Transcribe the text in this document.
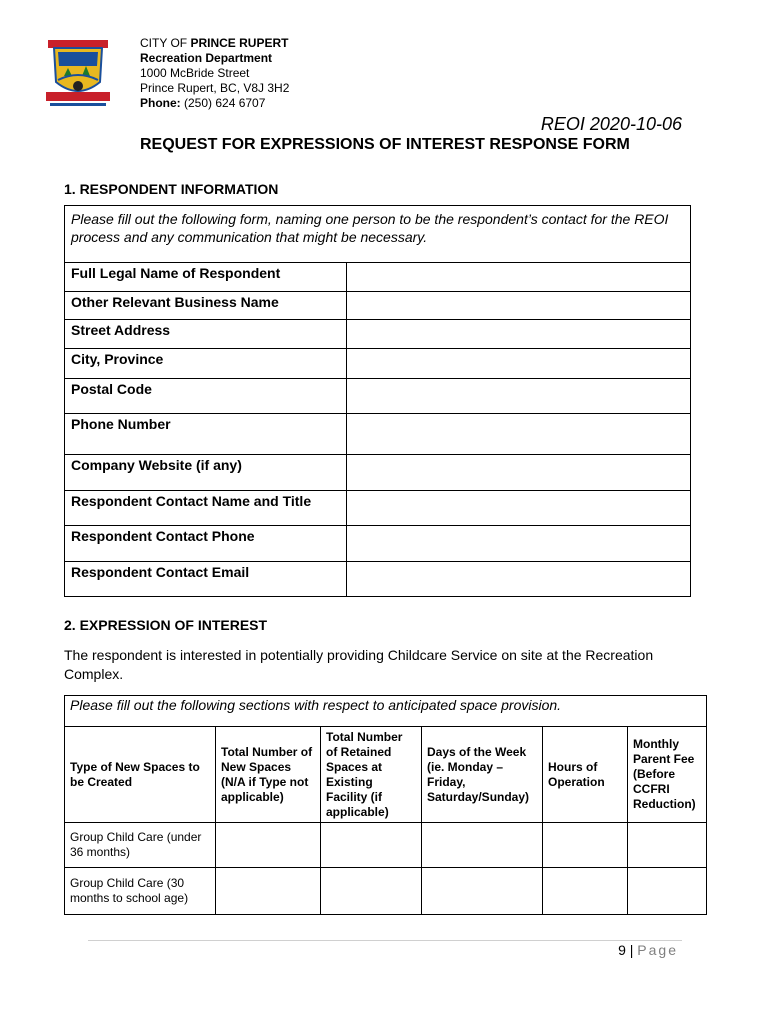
CITY OF PRINCE RUPERT
Recreation Department
1000 McBride Street
Prince Rupert, BC, V8J 3H2
Phone: (250) 624 6707
REOI 2020-10-06
REQUEST FOR EXPRESSIONS OF INTEREST RESPONSE FORM
1. RESPONDENT INFORMATION
Please fill out the following form, naming one person to be the respondent’s contact for the REOI process and any communication that might be necessary.	
Full Legal Name of Respondent	
Other Relevant Business Name	
Street Address	
City, Province	
Postal Code	
Phone Number	
Company Website (if any)	
Respondent Contact Name and Title	
Respondent Contact Phone	
Respondent Contact Email	
2. EXPRESSION OF INTEREST
The respondent is interested in potentially providing Childcare Service on site at the Recreation Complex.
Please fill out the following sections with respect to anticipated space provision.					
Type of New Spaces to be Created	Total Number of New Spaces (N/A if Type not applicable)	Total Number of Retained Spaces at Existing Facility (if applicable)	Days of the Week (ie. Monday – Friday, Saturday/Sunday)	Hours of Operation	Monthly Parent Fee (Before CCFRI Reduction)
Group Child Care (under 36 months)					
Group Child Care (30 months to school age)					
9 | Page
